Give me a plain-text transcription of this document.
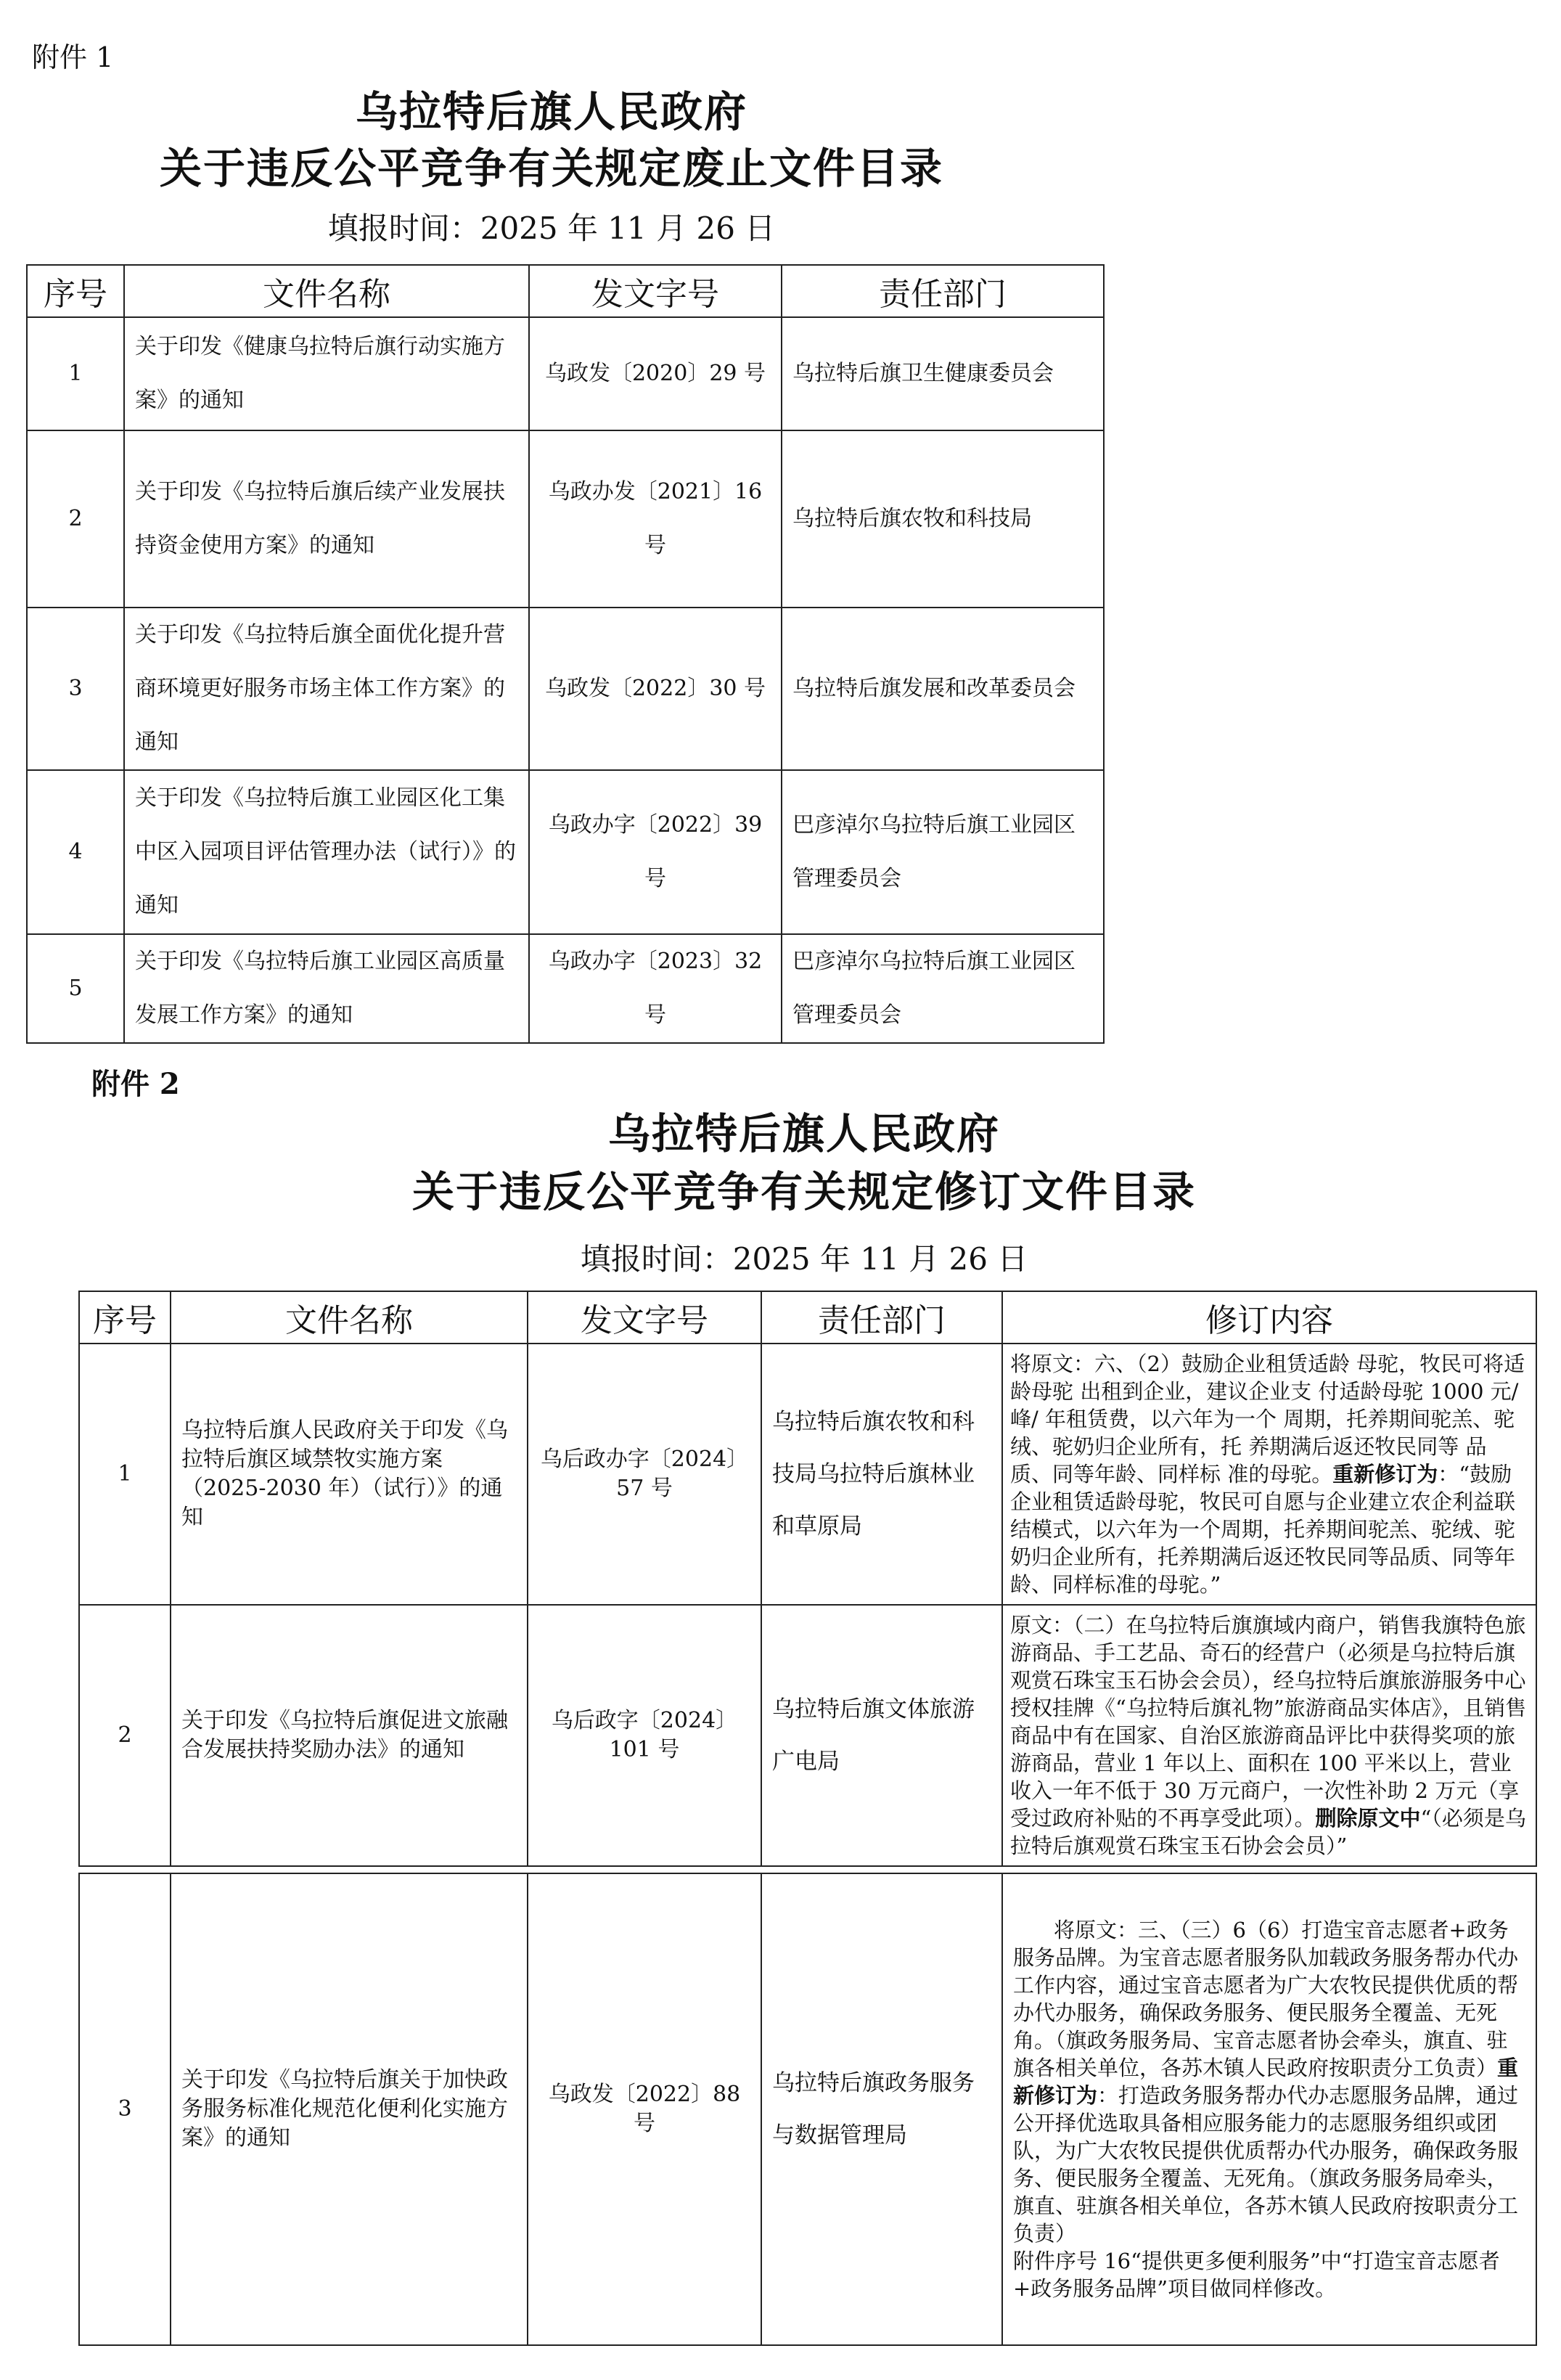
附件 1
乌拉特后旗人民政府
关于违反公平竞争有关规定废止文件目录
填报时间：2025 年 11 月 26 日
序号	文件名称	发文字号	责任部门
1	关于印发《健康乌拉特后旗行动实施方案》的通知	乌政发〔2020〕29 号	乌拉特后旗卫生健康委员会
2	关于印发《乌拉特后旗后续产业发展扶持资金使用方案》的通知	乌政办发〔2021〕16 号	乌拉特后旗农牧和科技局
3	关于印发《乌拉特后旗全面优化提升营商环境更好服务市场主体工作方案》的通知	乌政发〔2022〕30 号	乌拉特后旗发展和改革委员会
4	关于印发《乌拉特后旗工业园区化工集中区入园项目评估管理办法（试行）》的通知	乌政办字〔2022〕39 号	巴彦淖尔乌拉特后旗工业园区管理委员会
5	关于印发《乌拉特后旗工业园区高质量发展工作方案》的通知	乌政办字〔2023〕32 号	巴彦淖尔乌拉特后旗工业园区管理委员会
附件 2
乌拉特后旗人民政府
关于违反公平竞争有关规定修订文件目录
填报时间：2025 年 11 月 26 日
序号	文件名称	发文字号	责任部门	修订内容
1	乌拉特后旗人民政府关于印发《乌拉特后旗区域禁牧实施方案（2025-2030 年）（试行）》的通知	乌后政办字〔2024〕57 号	乌拉特后旗农牧和科技局乌拉特后旗林业和草原局	将原文：六、（2）鼓励企业租赁适龄 母驼，牧民可将适龄母驼 出租到企业，建议企业支 付适龄母驼 1000 元/峰/ 年租赁费，以六年为一个 周期，托养期间驼羔、驼 绒、驼奶归企业所有，托 养期满后返还牧民同等 品质、同等年龄、同样标 准的母驼。重新修订为：“鼓励企业租赁适龄母驼，牧民可自愿与企业建立农企利益联结模式，以六年为一个周期，托养期间驼羔、驼绒、驼奶归企业所有，托养期满后返还牧民同等品质、同等年龄、同样标准的母驼。”
2	关于印发《乌拉特后旗促进文旅融合发展扶持奖励办法》的通知	乌后政字〔2024〕101 号	乌拉特后旗文体旅游广电局	原文：（二）在乌拉特后旗旗域内商户，销售我旗特色旅游商品、手工艺品、奇石的经营户（必须是乌拉特后旗观赏石珠宝玉石协会会员），经乌拉特后旗旅游服务中心授权挂牌《“乌拉特后旗礼物”旅游商品实体店》，且销售商品中有在国家、自治区旅游商品评比中获得奖项的旅游商品，营业 1 年以上、面积在 100 平米以上，营业收入一年不低于 30 万元商户，一次性补助 2 万元（享受过政府补贴的不再享受此项）。删除原文中“（必须是乌拉特后旗观赏石珠宝玉石协会会员）”
3	关于印发《乌拉特后旗关于加快政务服务标准化规范化便利化实施方案》的通知	乌政发〔2022〕88 号	乌拉特后旗政务服务与数据管理局	将原文：三、（三）6（6）打造宝音志愿者+政务服务品牌。为宝音志愿者服务队加载政务服务帮办代办工作内容，通过宝音志愿者为广大农牧民提供优质的帮办代办服务，确保政务服务、便民服务全覆盖、无死角。（旗政务服务局、宝音志愿者协会牵头，旗直、驻旗各相关单位，各苏木镇人民政府按职责分工负责）重新修订为：打造政务服务帮办代办志愿服务品牌，通过公开择优选取具备相应服务能力的志愿服务组织或团队，为广大农牧民提供优质帮办代办服务，确保政务服务、便民服务全覆盖、无死角。（旗政务服务局牵头，旗直、驻旗各相关单位，各苏木镇人民政府按职责分工负责）
附件序号 16“提供更多便利服务”中“打造宝音志愿者+政务服务品牌”项目做同样修改。
